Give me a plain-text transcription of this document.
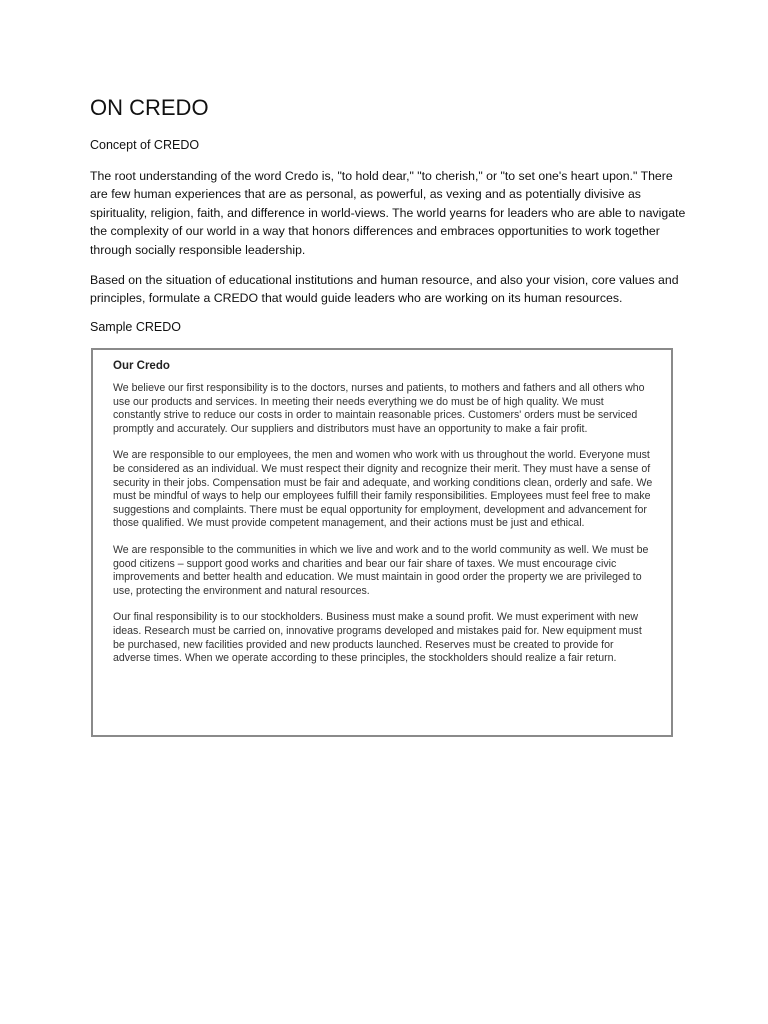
ON CREDO

Concept of CREDO

The root understanding of the word Credo is, "to hold dear," "to cherish," or "to set one's heart upon." There are few human experiences that are as personal, as powerful, as vexing and as potentially divisive as spirituality, religion, faith, and difference in world-views. The world yearns for leaders who are able to navigate the complexity of our world in a way that honors differences and embraces opportunities to work together through socially responsible leadership.

Based on the situation of educational institutions and human resource, and also your vision, core values and principles, formulate a CREDO that would guide leaders who are working on its human resources.

Sample CREDO

Our Credo

We believe our first responsibility is to the doctors, nurses and patients, to mothers and fathers and all others who use our products and services. In meeting their needs everything we do must be of high quality. We must constantly strive to reduce our costs in order to maintain reasonable prices. Customers' orders must be serviced promptly and accurately. Our suppliers and distributors must have an opportunity to make a fair profit.

We are responsible to our employees, the men and women who work with us throughout the world. Everyone must be considered as an individual. We must respect their dignity and recognize their merit. They must have a sense of security in their jobs. Compensation must be fair and adequate, and working conditions clean, orderly and safe. We must be mindful of ways to help our employees fulfill their family responsibilities. Employees must feel free to make suggestions and complaints. There must be equal opportunity for employment, development and advancement for those qualified. We must provide competent management, and their actions must be just and ethical.

We are responsible to the communities in which we live and work and to the world community as well. We must be good citizens – support good works and charities and bear our fair share of taxes. We must encourage civic improvements and better health and education. We must maintain in good order the property we are privileged to use, protecting the environment and natural resources.

Our final responsibility is to our stockholders. Business must make a sound profit. We must experiment with new ideas. Research must be carried on, innovative programs developed and mistakes paid for. New equipment must be purchased, new facilities provided and new products launched. Reserves must be created to provide for adverse times. When we operate according to these principles, the stockholders should realize a fair return.
